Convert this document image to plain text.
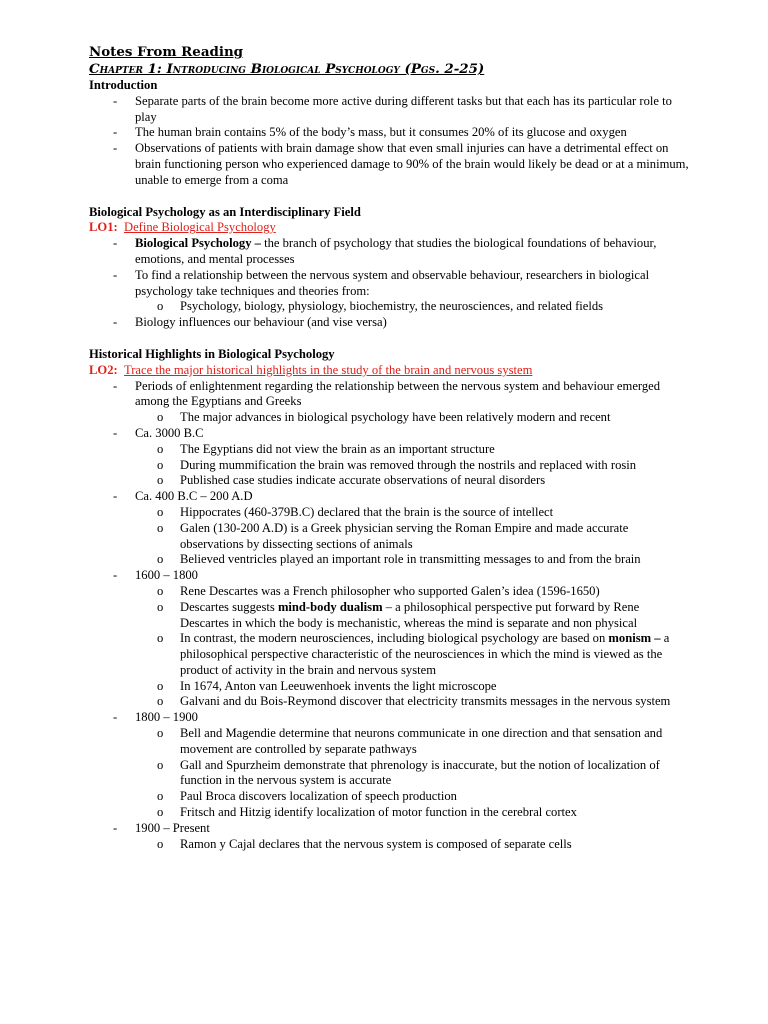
Notes From Reading

Chapter 1: Introducing Biological Psychology (Pgs. 2-25)

Introduction

- Separate parts of the brain become more active during different tasks but that each has its particular role to play
- The human brain contains 5% of the body’s mass, but it consumes 20% of its glucose and oxygen
- Observations of patients with brain damage show that even small injuries can have a detrimental effect on brain functioning person who experienced damage to 90% of the brain would likely be dead or at a minimum, unable to emerge from a coma

Biological Psychology as an Interdisciplinary Field

LO1: Define Biological Psychology

- Biological Psychology – the branch of psychology that studies the biological foundations of behaviour, emotions, and mental processes
- To find a relationship between the nervous system and observable behaviour, researchers in biological psychology take techniques and theories from:
o Psychology, biology, physiology, biochemistry, the neurosciences, and related fields
- Biology influences our behaviour (and vise versa)

Historical Highlights in Biological Psychology

LO2: Trace the major historical highlights in the study of the brain and nervous system

- Periods of enlightenment regarding the relationship between the nervous system and behaviour emerged among the Egyptians and Greeks
o The major advances in biological psychology have been relatively modern and recent
- Ca. 3000 B.C
o The Egyptians did not view the brain as an important structure
o During mummification the brain was removed through the nostrils and replaced with rosin
o Published case studies indicate accurate observations of neural disorders
- Ca. 400 B.C – 200 A.D
o Hippocrates (460-379B.C) declared that the brain is the source of intellect
o Galen (130-200 A.D) is a Greek physician serving the Roman Empire and made accurate observations by dissecting sections of animals
o Believed ventricles played an important role in transmitting messages to and from the brain
- 1600 – 1800
o Rene Descartes was a French philosopher who supported Galen’s idea (1596-1650)
o Descartes suggests mind-body dualism – a philosophical perspective put forward by Rene Descartes in which the body is mechanistic, whereas the mind is separate and non physical
o In contrast, the modern neurosciences, including biological psychology are based on monism – a philosophical perspective characteristic of the neurosciences in which the mind is viewed as the product of activity in the brain and nervous system
o In 1674, Anton van Leeuwenhoek invents the light microscope
o Galvani and du Bois-Reymond discover that electricity transmits messages in the nervous system
- 1800 – 1900
o Bell and Magendie determine that neurons communicate in one direction and that sensation and movement are controlled by separate pathways
o Gall and Spurzheim demonstrate that phrenology is inaccurate, but the notion of localization of function in the nervous system is accurate
o Paul Broca discovers localization of speech production
o Fritsch and Hitzig identify localization of motor function in the cerebral cortex
- 1900 – Present
o Ramon y Cajal declares that the nervous system is composed of separate cells
